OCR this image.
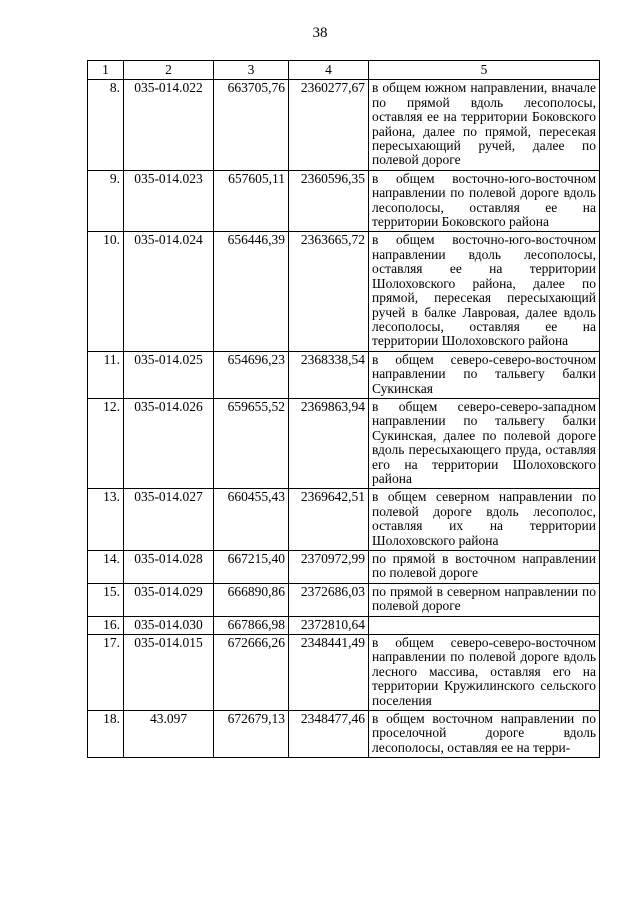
38
1	2	3	4	5
8.	035-014.022	663705,76	2360277,67	в общем южном направлении, вначале по прямой вдоль лесополосы, оставляя ее на территории Боковского района, далее по прямой, пересекая пересыхающий ручей, далее по полевой дороге
9.	035-014.023	657605,11	2360596,35	в общем восточно-юго-восточном направлении по полевой дороге вдоль лесополосы, оставляя ее на территории Боковского района
10.	035-014.024	656446,39	2363665,72	в общем восточно-юго-восточном направлении вдоль лесополосы, оставляя ее на территории Шолоховского района, далее по прямой, пересекая пересыхающий ручей в балке Лавровая, далее вдоль лесополосы, оставляя ее на территории Шолоховского района
11.	035-014.025	654696,23	2368338,54	в общем северо-северо-восточном направлении по тальвегу балки Сукинская
12.	035-014.026	659655,52	2369863,94	в общем северо-северо-западном направлении по тальвегу балки Сукинская, далее по полевой дороге вдоль пересыхающего пруда, оставляя его на территории Шолоховского района
13.	035-014.027	660455,43	2369642,51	в общем северном направлении по полевой дороге вдоль лесополос, оставляя их на территории Шолоховского района
14.	035-014.028	667215,40	2370972,99	по прямой в восточном направлении по полевой дороге
15.	035-014.029	666890,86	2372686,03	по прямой в северном направлении по полевой дороге
16.	035-014.030	667866,98	2372810,64	
17.	035-014.015	672666,26	2348441,49	в общем северо-северо-восточном направлении по полевой дороге вдоль лесного массива, оставляя его на территории Кружилинского сельского поселения
18.	43.097	672679,13	2348477,46	в общем восточном направлении по проселочной дороге вдоль лесополосы, оставляя ее на терри-
